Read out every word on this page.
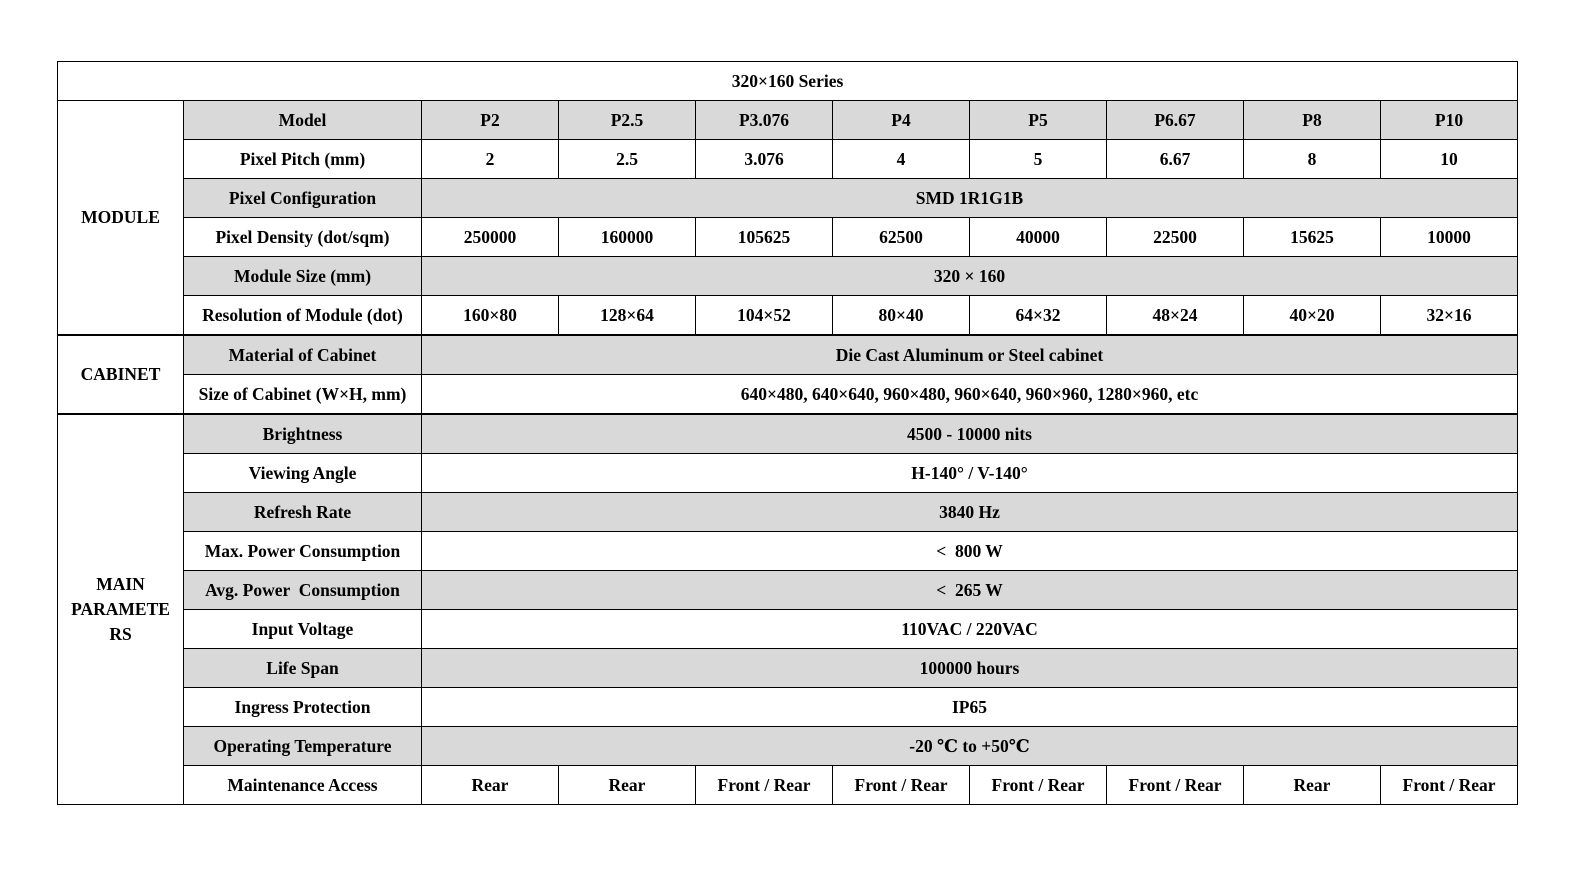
320×160 Series									
MODULE	Model	P2	P2.5	P3.076	P4	P5	P6.67	P8	P10
	Pixel Pitch (mm)	2	2.5	3.076	4	5	6.67	8	10
	Pixel Configuration	SMD 1R1G1B							
	Pixel Density (dot/sqm)	250000	160000	105625	62500	40000	22500	15625	10000
	Module Size (mm)	320 × 160							
	Resolution of Module (dot)	160×80	128×64	104×52	80×40	64×32	48×24	40×20	32×16
CABINET	Material of Cabinet	Die Cast Aluminum or Steel cabinet							
	Size of Cabinet (W×H, mm)	640×480, 640×640, 960×480, 960×640, 960×960, 1280×960, etc							
MAIN PARAMETE RS	Brightness	4500 - 10000 nits							
	Viewing Angle	H-140° / V-140°							
	Refresh Rate	3840 Hz							
	Max. Power Consumption	<  800 W							
	Avg. Power  Consumption	<  265 W							
	Input Voltage	110VAC / 220VAC							
	Life Span	100000 hours							
	Ingress Protection	IP65							
	Operating Temperature	-20 ℃ to +50℃							
	Maintenance Access	Rear	Rear	Front / Rear	Front / Rear	Front / Rear	Front / Rear	Rear	Front / Rear
